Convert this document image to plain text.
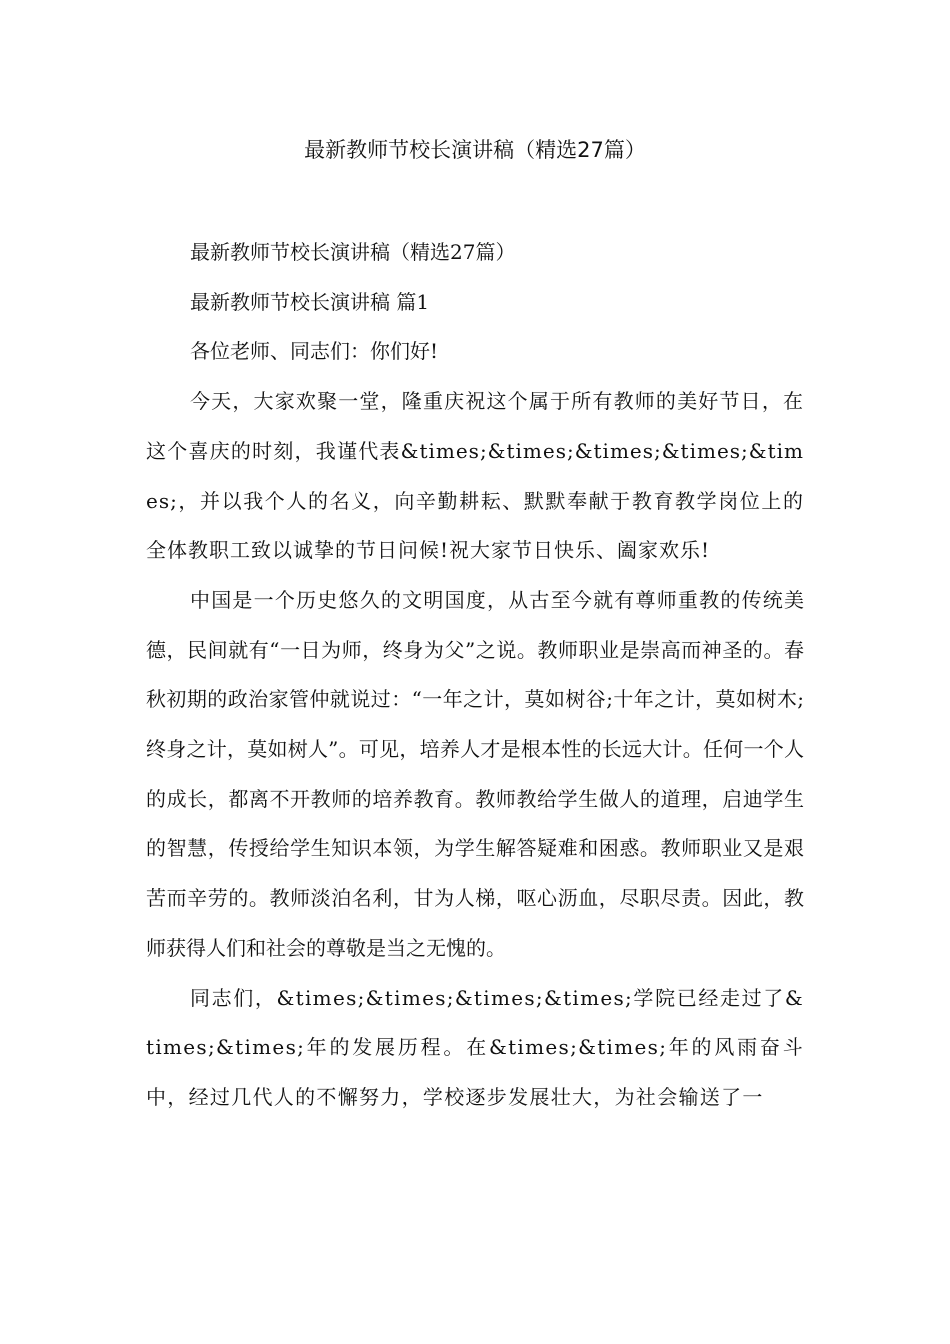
最新教师节校长演讲稿（精选27篇）

最新教师节校长演讲稿（精选27篇）

最新教师节校长演讲稿 篇1

各位老师、同志们：你们好!

今天，大家欢聚一堂，隆重庆祝这个属于所有教师的美好节日，在这个喜庆的时刻，我谨代表&times;&times;&times;&times;&times;，并以我个人的名义，向辛勤耕耘、默默奉献于教育教学岗位上的全体教职工致以诚挚的节日问候!祝大家节日快乐、阖家欢乐!

中国是一个历史悠久的文明国度，从古至今就有尊师重教的传统美德，民间就有“一日为师，终身为父”之说。教师职业是崇高而神圣的。春秋初期的政治家管仲就说过：“一年之计，莫如树谷;十年之计，莫如树木;终身之计，莫如树人”。可见，培养人才是根本性的长远大计。任何一个人的成长，都离不开教师的培养教育。教师教给学生做人的道理，启迪学生的智慧，传授给学生知识本领，为学生解答疑难和困惑。教师职业又是艰苦而辛劳的。教师淡泊名利，甘为人梯，呕心沥血，尽职尽责。因此，教师获得人们和社会的尊敬是当之无愧的。

同志们，&times;&times;&times;&times;学院已经走过了&times;&times;年的发展历程。在&times;&times;年的风雨奋斗中，经过几代人的不懈努力，学校逐步发展壮大，为社会输送了一
